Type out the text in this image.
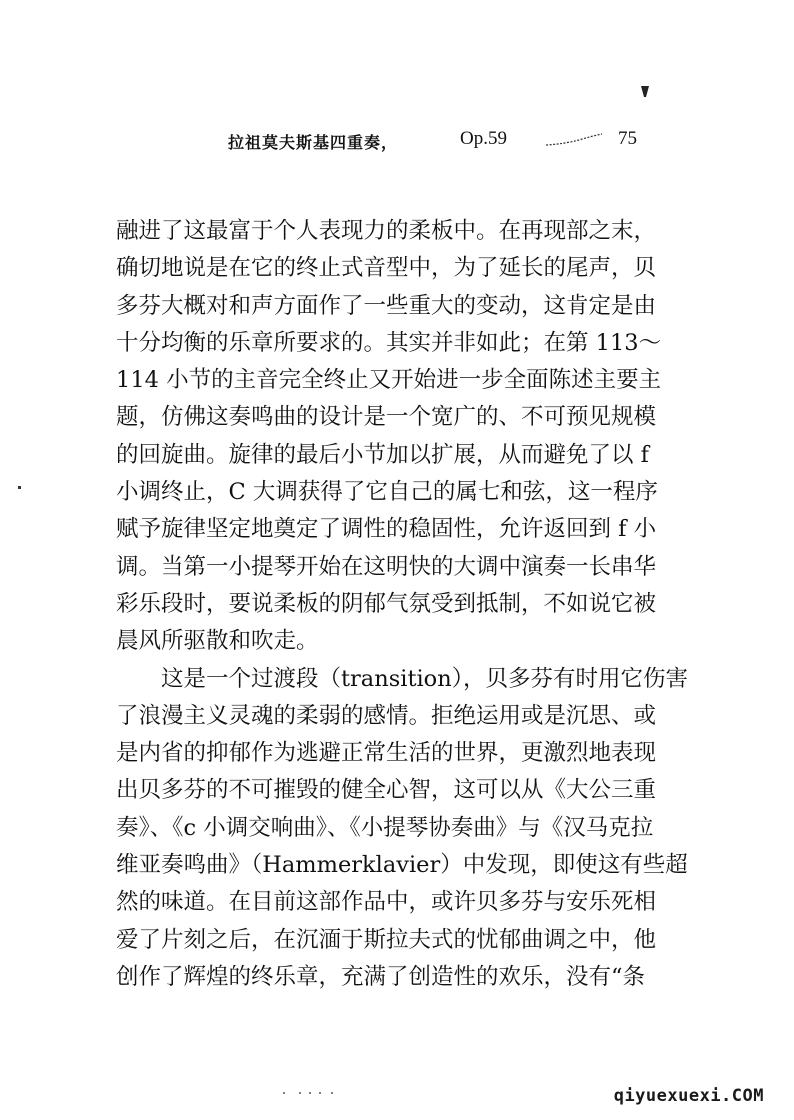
拉祖莫夫斯基四重奏，	Op.59	75
融进了这最富于个人表现力的柔板中。在再现部之末，
确切地说是在它的终止式音型中，为了延长的尾声，贝
多芬大概对和声方面作了一些重大的变动，这肯定是由
十分均衡的乐章所要求的。其实并非如此；在第 113～
114 小节的主音完全终止又开始进一步全面陈述主要主
题，仿佛这奏鸣曲的设计是一个宽广的、不可预见规模
的回旋曲。旋律的最后小节加以扩展，从而避免了以 f
小调终止，C 大调获得了它自己的属七和弦，这一程序
赋予旋律坚定地奠定了调性的稳固性，允许返回到 f 小
调。当第一小提琴开始在这明快的大调中演奏一长串华
彩乐段时，要说柔板的阴郁气氛受到抵制，不如说它被
晨风所驱散和吹走。
这是一个过渡段（transition），贝多芬有时用它伤害
了浪漫主义灵魂的柔弱的感情。拒绝运用或是沉思、或
是内省的抑郁作为逃避正常生活的世界，更激烈地表现
出贝多芬的不可摧毁的健全心智，这可以从《大公三重
奏》、《c 小调交响曲》、《小提琴协奏曲》与《汉马克拉
维亚奏鸣曲》（Hammerklavier）中发现，即使这有些超
然的味道。在目前这部作品中，或许贝多芬与安乐死相
爱了片刻之后，在沉湎于斯拉夫式的忧郁曲调之中，他
创作了辉煌的终乐章，充满了创造性的欢乐，没有“条
qiyuexuexi.COM
